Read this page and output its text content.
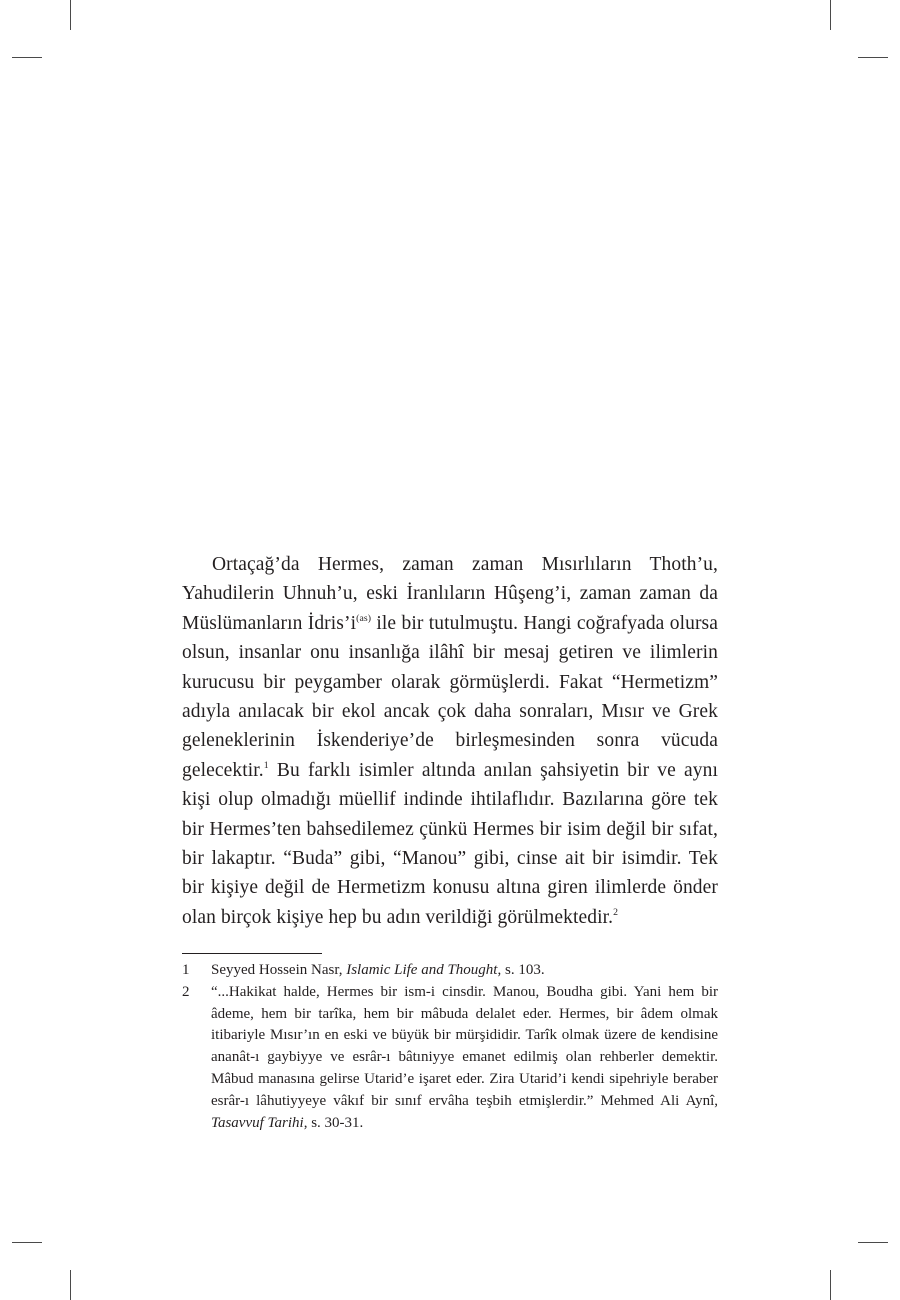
Ortaçağ’da Hermes, zaman zaman Mısırlıların Thoth’u, Yahudilerin Uhnuh’u, eski İranlıların Hûşeng’i, zaman zaman da Müslümanların $İdris’i^{(as)}$ ile bir tutulmuştu. Hangi coğrafyada olursa olsun, insanlar onu insanlığa ilâhî bir mesaj getiren ve ilimlerin kurucusu bir peygamber olarak görmüşlerdi. Fakat “Hermetizm” adıyla anılacak bir ekol ancak çok daha sonraları, Mısır ve Grek geleneklerinin İskenderiye’de birleşmesinden sonra vücuda gelecektir.$^1$ Bu farklı isimler altında anılan şahsiyetin bir ve aynı kişi olup olmadığı müellif indinde ihtilaflıdır. Bazılarına göre tek bir Hermes’ten bahsedilemez çünkü Hermes bir isim değil bir sıfat, bir lakaptır. “Buda” gibi, “Manou” gibi, cinse ait bir isimdir. Tek bir kişiye değil de Hermetizm konusu altına giren ilimlerde önder olan birçok kişiye hep bu adın verildiği görülmektedir.$^2$

1	Seyyed Hossein Nasr, Islamic Life and Thought, s. 103.
2	“...Hakikat halde, Hermes bir ism-i cinsdir. Manou, Boudha gibi. Yani hem bir âdeme, hem bir tarîka, hem bir mâbuda delalet eder. Hermes, bir âdem olmak itibariyle Mısır’ın en eski ve büyük bir mürşididir. Tarîk olmak üzere de kendisine ananât-ı gaybiyye ve esrâr-ı bâtıniyye emanet edilmiş olan rehberler demektir. Mâbud manasına gelirse Utarid’e işaret eder. Zira Utarid’i kendi sipehriyle beraber esrâr-ı lâhutiyyeye vâkıf bir sınıf ervâha teşbih etmişlerdir.” Mehmed Ali Aynî, Tasavvuf Tarihi, s. 30-31.
